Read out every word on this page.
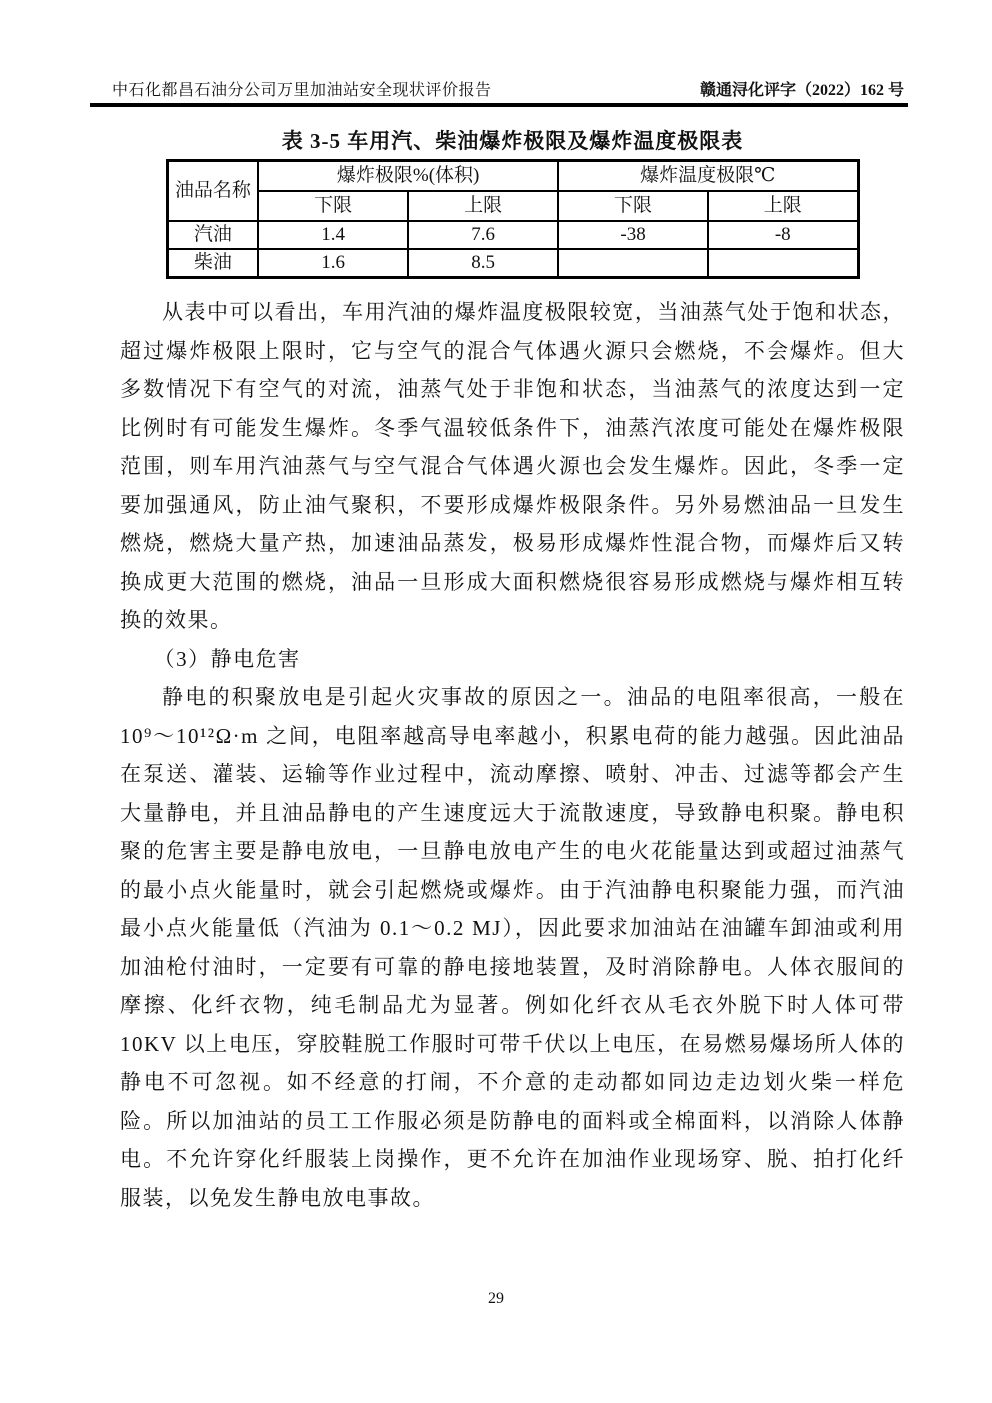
中石化都昌石油分公司万里加油站安全现状评价报告	赣通浔化评字（2022）162 号
表 3-5 车用汽、柴油爆炸极限及爆炸温度极限表
油品名称	爆炸极限%(体积)		爆炸温度极限℃	
	下限	上限	下限	上限
汽油	1.4	7.6	-38	-8
柴油	1.6	8.5		

从表中可以看出，车用汽油的爆炸温度极限较宽，当油蒸气处于饱和状态，超过爆炸极限上限时，它与空气的混合气体遇火源只会燃烧，不会爆炸。但大多数情况下有空气的对流，油蒸气处于非饱和状态，当油蒸气的浓度达到一定比例时有可能发生爆炸。冬季气温较低条件下，油蒸汽浓度可能处在爆炸极限范围，则车用汽油蒸气与空气混合气体遇火源也会发生爆炸。因此，冬季一定要加强通风，防止油气聚积，不要形成爆炸极限条件。另外易燃油品一旦发生燃烧，燃烧大量产热，加速油品蒸发，极易形成爆炸性混合物，而爆炸后又转换成更大范围的燃烧，油品一旦形成大面积燃烧很容易形成燃烧与爆炸相互转换的效果。

（3）静电危害

静电的积聚放电是引起火灾事故的原因之一。油品的电阻率很高，一般在 10⁹～10¹²Ω·m 之间，电阻率越高导电率越小，积累电荷的能力越强。因此油品在泵送、灌装、运输等作业过程中，流动摩擦、喷射、冲击、过滤等都会产生大量静电，并且油品静电的产生速度远大于流散速度，导致静电积聚。静电积聚的危害主要是静电放电，一旦静电放电产生的电火花能量达到或超过油蒸气的最小点火能量时，就会引起燃烧或爆炸。由于汽油静电积聚能力强，而汽油最小点火能量低（汽油为 0.1～0.2 MJ），因此要求加油站在油罐车卸油或利用加油枪付油时，一定要有可靠的静电接地装置，及时消除静电。人体衣服间的摩擦、化纤衣物，纯毛制品尤为显著。例如化纤衣从毛衣外脱下时人体可带 10KV 以上电压，穿胶鞋脱工作服时可带千伏以上电压，在易燃易爆场所人体的静电不可忽视。如不经意的打闹，不介意的走动都如同边走边划火柴一样危险。所以加油站的员工工作服必须是防静电的面料或全棉面料，以消除人体静电。不允许穿化纤服装上岗操作，更不允许在加油作业现场穿、脱、拍打化纤服装，以免发生静电放电事故。

29
